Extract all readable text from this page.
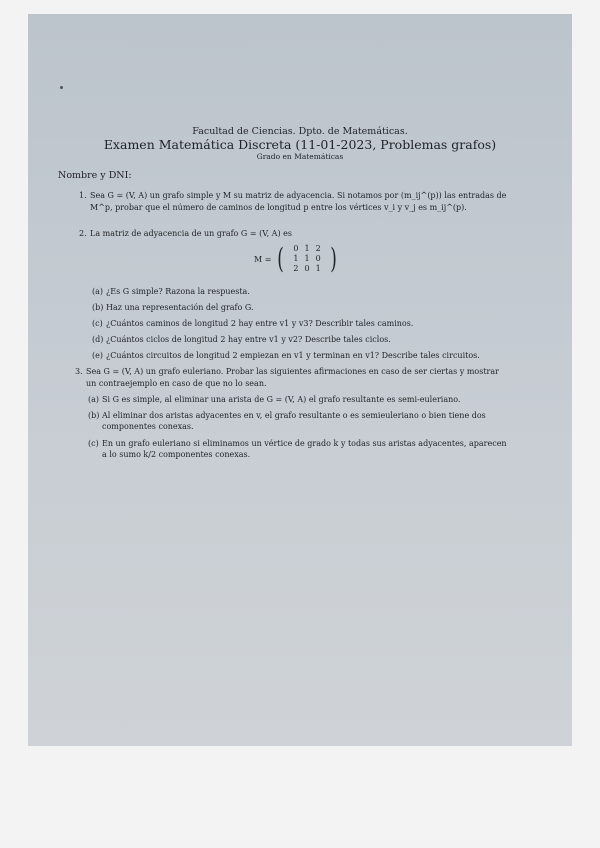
Facultad de Ciencias. Dpto. de Matemáticas.
Examen Matemática Discreta (11-01-2023, Problemas grafos)
Grado en Matemáticas
Nombre y DNI:
1. Sea G = (V, A) un grafo simple y M su matriz de adyacencia. Si notamos por (m_ij^(p)) las entradas de
M^p, probar que el número de caminos de longitud p entre los vértices v_i y v_j es m_ij^(p).
2. La matriz de adyacencia de un grafo G = (V, A) es
M = ( 0	1	2
1	1	0
2	0	1 )
(a) ¿Es G simple? Razona la respuesta.
(b) Haz una representación del grafo G.
(c) ¿Cuántos caminos de longitud 2 hay entre v1 y v3? Describir tales caminos.
(d) ¿Cuántos ciclos de longitud 2 hay entre v1 y v2? Describe tales ciclos.
(e) ¿Cuántos circuitos de longitud 2 empiezan en v1 y terminan en v1? Describe tales circuitos.
3. Sea G = (V, A) un grafo euleriano. Probar las siguientes afirmaciones en caso de ser ciertas y mostrar
un contraejemplo en caso de que no lo sean.
(a) Si G es simple, al eliminar una arista de G = (V, A) el grafo resultante es semi-euleriano.
(b) Al eliminar dos aristas adyacentes en v, el grafo resultante o es semieuleriano o bien tiene dos
componentes conexas.
(c) En un grafo euleriano si eliminamos un vértice de grado k y todas sus aristas adyacentes, aparecen
a lo sumo k/2 componentes conexas.
